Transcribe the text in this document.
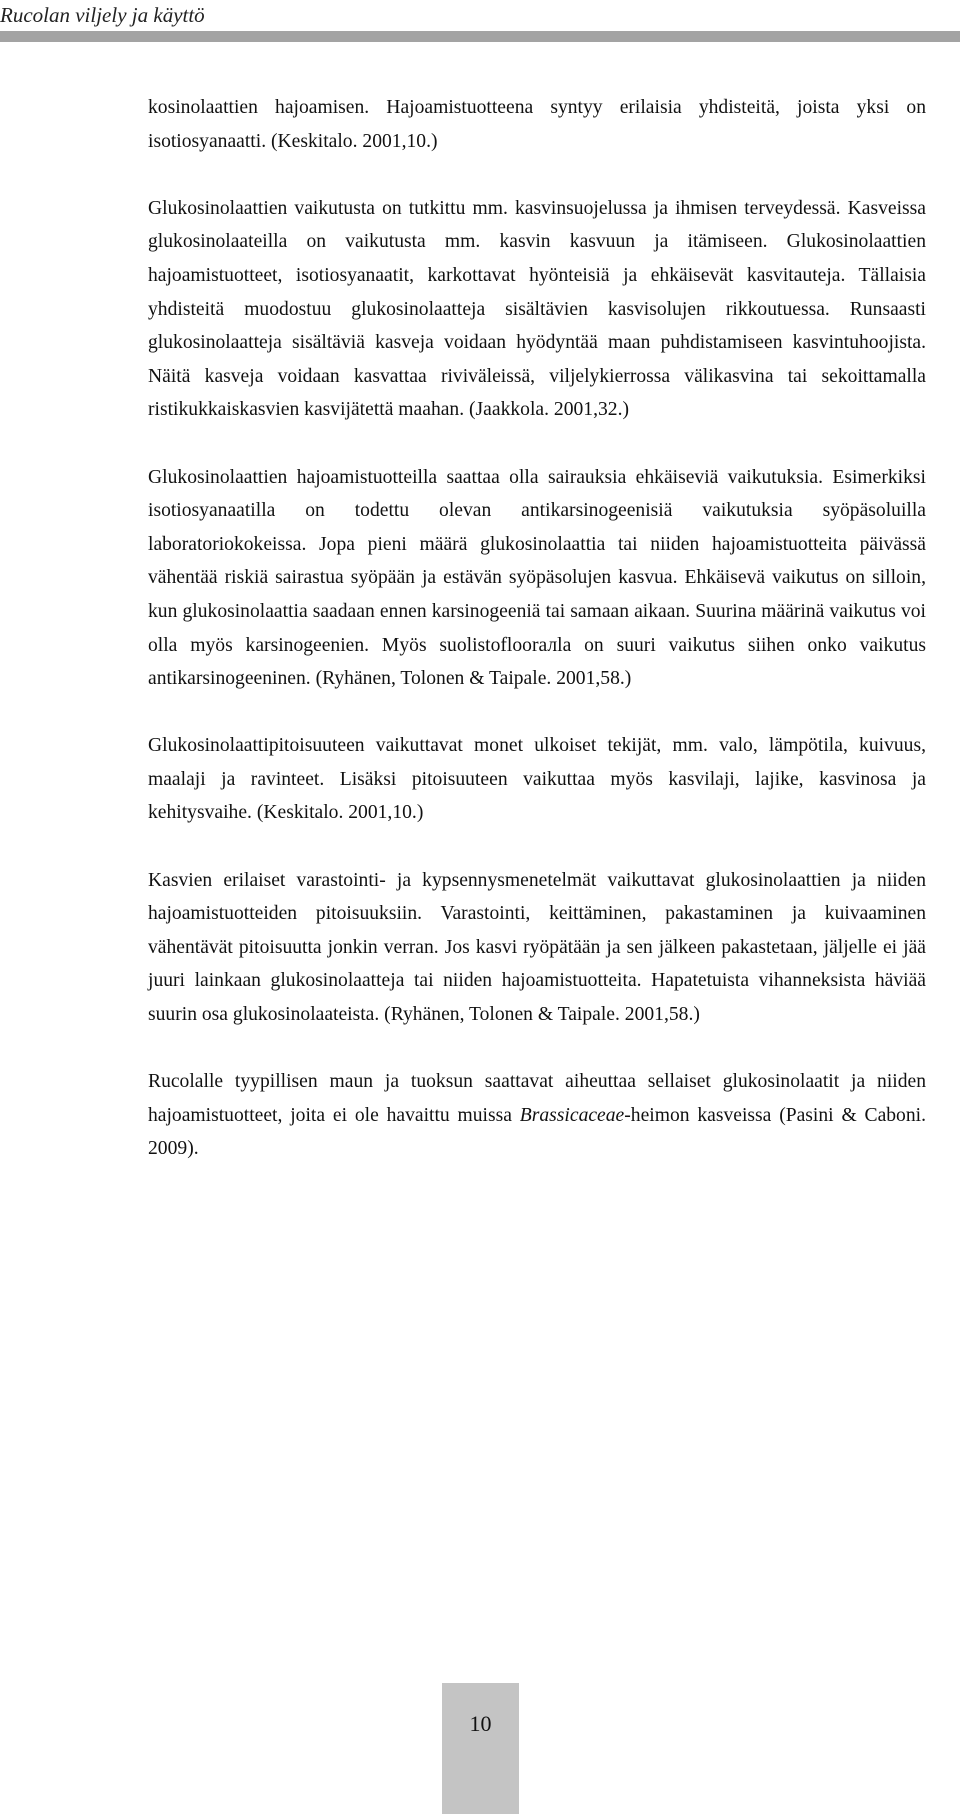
Rucolan viljely ja käyttö

kosinolaattien hajoamisen. Hajoamistuotteena syntyy erilaisia yhdisteitä, joista yksi on isotiosyanaatti. (Keskitalo. 2001,10.)

Glukosinolaattien vaikutusta on tutkittu mm. kasvinsuojelussa ja ihmisen terveydessä. Kasveissa glukosinolaateilla on vaikutusta mm. kasvin kasvuun ja itämiseen. Glukosinolaattien hajoamistuotteet, isotiosyanaatit, karkottavat hyönteisiä ja ehkäisevät kasvitauteja. Tällaisia yhdisteitä muodostuu glukosinolaatteja sisältävien kasvisolujen rikkoutuessa. Runsaasti glukosinolaatteja sisältäviä kasveja voidaan hyödyntää maan puhdistamiseen kasvintuhoojista. Näitä kasveja voidaan kasvattaa riviväleissä, viljelykierrossa välikasvina tai sekoittamalla ristikukkaiskasvien kasvijätettä maahan. (Jaakkola. 2001,32.)

Glukosinolaattien hajoamistuotteilla saattaa olla sairauksia ehkäiseviä vaikutuksia. Esimerkiksi isotiosyanaatilla on todettu olevan antikarsinogeenisiä vaikutuksia syöpäsoluilla laboratoriokokeissa. Jopa pieni määrä glukosinolaattia tai niiden hajoamistuotteita päivässä vähentää riskiä sairastua syöpään ja estävän syöpäsolujen kasvua. Ehkäisevä vaikutus on silloin, kun glukosinolaattia saadaan ennen karsinogeeniä tai samaan aikaan. Suurina määrinä vaikutus voi olla myös karsinogeenien. Myös suolistofloorалla on suuri vaikutus siihen onko vaikutus antikarsinogeeninen. (Ryhänen, Tolonen & Taipale. 2001,58.)

Glukosinolaattipitoisuuteen vaikuttavat monet ulkoiset tekijät, mm. valo, lämpötila, kuivuus, maalaji ja ravinteet. Lisäksi pitoisuuteen vaikuttaa myös kasvilaji, lajike, kasvinosa ja kehitysvaihe. (Keskitalo. 2001,10.)

Kasvien erilaiset varastointi- ja kypsennysmenetelmät vaikuttavat glukosinolaattien ja niiden hajoamistuotteiden pitoisuuksiin. Varastointi, keittäminen, pakastaminen ja kuivaaminen vähentävät pitoisuutta jonkin verran. Jos kasvi ryöpätään ja sen jälkeen pakastetaan, jäljelle ei jää juuri lainkaan glukosinolaatteja tai niiden hajoamistuotteita. Hapatetuista vihanneksista häviää suurin osa glukosinolaateista. (Ryhänen, Tolonen & Taipale. 2001,58.)

Rucolalle tyypillisen maun ja tuoksun saattavat aiheuttaa sellaiset glukosinolaatit ja niiden hajoamistuotteet, joita ei ole havaittu muissa Brassicaceae-heimon kasveissa (Pasini & Caboni. 2009).

10
